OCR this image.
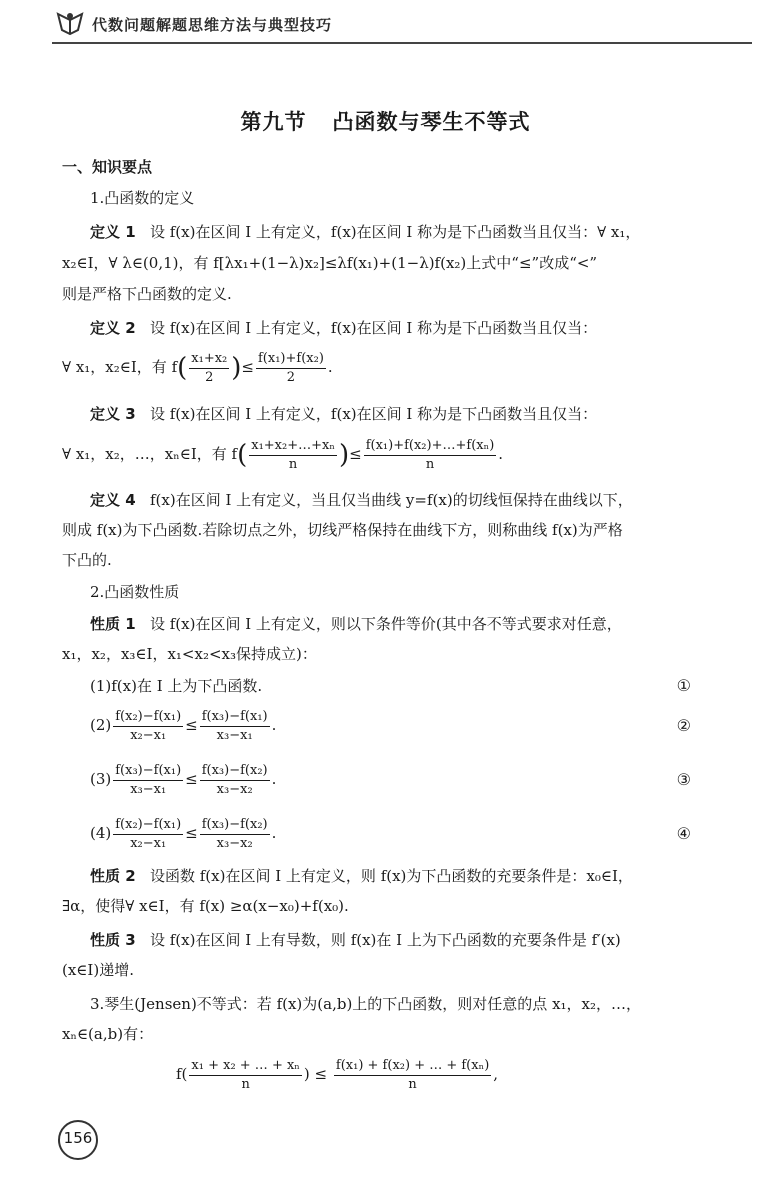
代数问题解题思维方法与典型技巧
第九节 凸函数与琴生不等式
一、知识要点
1.凸函数的定义
定义 1 设 f(x)在区间 I 上有定义，f(x)在区间 I 称为是下凸函数当且仅当：∀ x₁，
x₂∈I，∀ λ∈(0,1)，有 f[λx₁+(1−λ)x₂]≤λf(x₁)+(1−λ)f(x₂)上式中“≤”改成“<”
则是严格下凸函数的定义.
定义 2 设 f(x)在区间 I 上有定义，f(x)在区间 I 称为是下凸函数当且仅当：
∀ x₁，x₂∈I，有 $f( \frac{\text{x₁+x₂}}{2}$ )≤ $\frac{\text{f(x₁)+f(x₂)}}{2}$ .
定义 3 设 f(x)在区间 I 上有定义，f(x)在区间 I 称为是下凸函数当且仅当：
∀ x₁，x₂，…，xₙ∈I，有 $f( \frac{\text{x₁+x₂+…+xₙ}}{n}$ )≤ $\frac{\text{f(x₁)+f(x₂)+…+f(xₙ)}}{n}$ .
定义 4 f(x)在区间 I 上有定义，当且仅当曲线 y=f(x)的切线恒保持在曲线以下，
则成 f(x)为下凸函数.若除切点之外，切线严格保持在曲线下方，则称曲线 f(x)为严格
下凸的.
2.凸函数性质
性质 1 设 f(x)在区间 I 上有定义，则以下条件等价(其中各不等式要求对任意，
x₁，x₂，x₃∈I，x₁<x₂<x₃保持成立)：
(1)f(x)在 I 上为下凸函数.	①
$(2) \frac{\text{f(x₂)−f(x₁)}}{\text{x₂−x₁}} \le \frac{\text{f(x₃)−f(x₁)}}{\text{x₃−x₁}}$ .	②
$(3) \frac{\text{f(x₃)−f(x₁)}}{\text{x₃−x₁}} \le \frac{\text{f(x₃)−f(x₂)}}{\text{x₃−x₂}}$ .	③
$(4) \frac{\text{f(x₂)−f(x₁)}}{\text{x₂−x₁}} \le \frac{\text{f(x₃)−f(x₂)}}{\text{x₃−x₂}}$ .	④
性质 2 设函数 f(x)在区间 I 上有定义，则 f(x)为下凸函数的充要条件是：x₀∈I，
∃α，使得∀ x∈I，有 f(x) ≥α(x−x₀)+f(x₀).
性质 3 设 f(x)在区间 I 上有导数，则 f(x)在 I 上为下凸函数的充要条件是 f′(x)
(x∈I)递增.
3.琴生(Jensen)不等式：若 f(x)为(a,b)上的下凸函数，则对任意的点 x₁，x₂，…，
xₙ∈(a,b)有：
$f( \frac{\text{x₁ + x₂ + … + xₙ}}{n}$ ) ≤ $\frac{\text{f(x₁) + f(x₂) + … + f(xₙ)}}{n}$ ,
156
